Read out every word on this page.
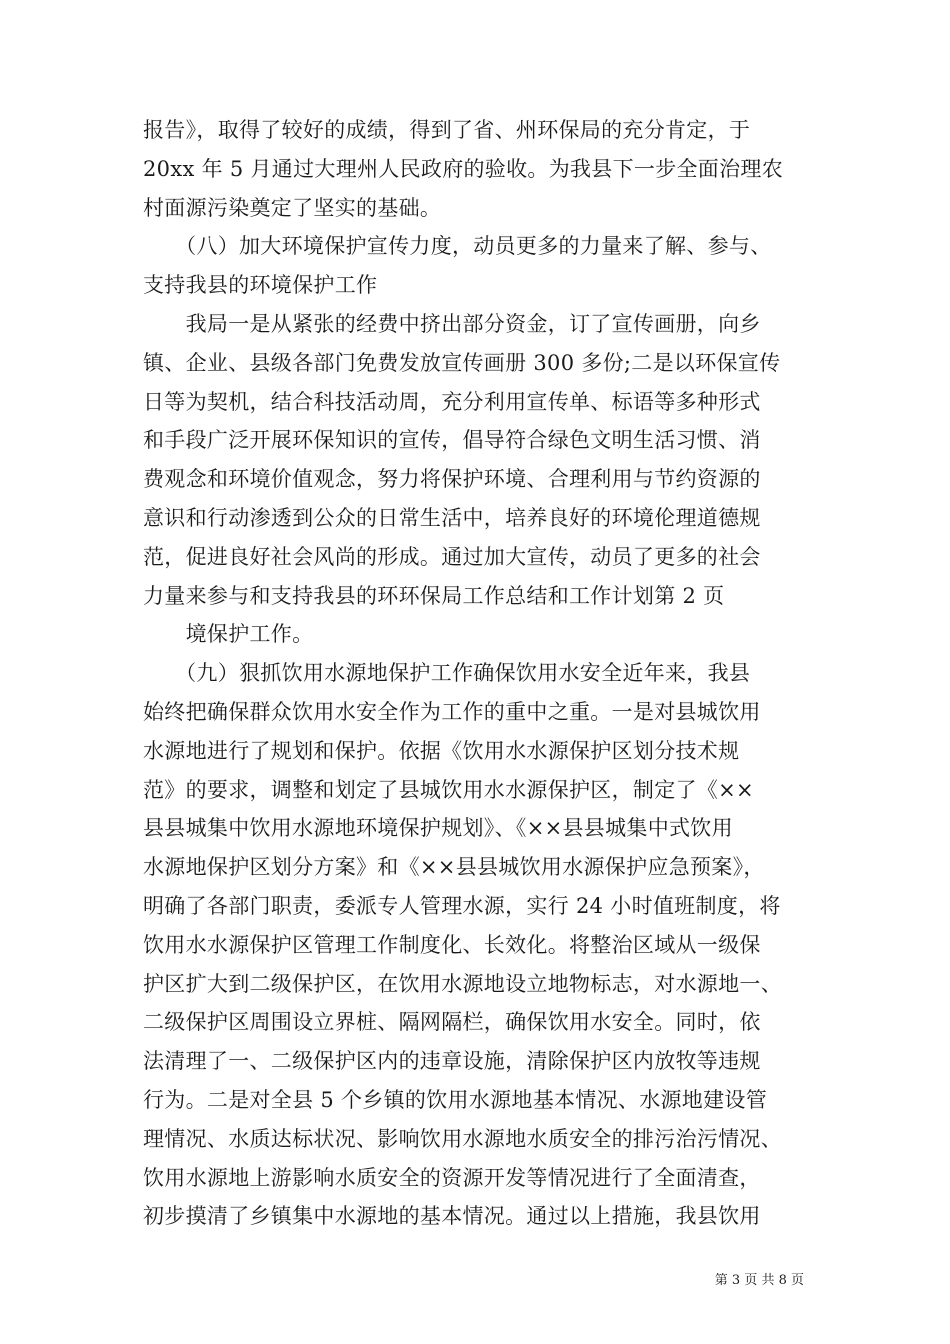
报告》，取得了较好的成绩，得到了省、州环保局的充分肯定，于
20xx 年 5 月通过大理州人民政府的验收。为我县下一步全面治理农
村面源污染奠定了坚实的基础。
　　（八）加大环境保护宣传力度，动员更多的力量来了解、参与、
支持我县的环境保护工作
　　我局一是从紧张的经费中挤出部分资金，订了宣传画册，向乡
镇、企业、县级各部门免费发放宣传画册 300 多份;二是以环保宣传
日等为契机，结合科技活动周，充分利用宣传单、标语等多种形式
和手段广泛开展环保知识的宣传，倡导符合绿色文明生活习惯、消
费观念和环境价值观念，努力将保护环境、合理利用与节约资源的
意识和行动渗透到公众的日常生活中，培养良好的环境伦理道德规
范，促进良好社会风尚的形成。通过加大宣传，动员了更多的社会
力量来参与和支持我县的环环保局工作总结和工作计划第 2 页
　　境保护工作。
　　（九）狠抓饮用水源地保护工作确保饮用水安全近年来，我县
始终把确保群众饮用水安全作为工作的重中之重。一是对县城饮用
水源地进行了规划和保护。依据《饮用水水源保护区划分技术规
范》的要求，调整和划定了县城饮用水水源保护区，制定了《××
县县城集中饮用水源地环境保护规划》、《××县县城集中式饮用
水源地保护区划分方案》和《××县县城饮用水源保护应急预案》，
明确了各部门职责，委派专人管理水源，实行 24 小时值班制度，将
饮用水水源保护区管理工作制度化、长效化。将整治区域从一级保
护区扩大到二级保护区，在饮用水源地设立地物标志，对水源地一、
二级保护区周围设立界桩、隔网隔栏，确保饮用水安全。同时，依
法清理了一、二级保护区内的违章设施，清除保护区内放牧等违规
行为。二是对全县 5 个乡镇的饮用水源地基本情况、水源地建设管
理情况、水质达标状况、影响饮用水源地水质安全的排污治污情况、
饮用水源地上游影响水质安全的资源开发等情况进行了全面清查，
初步摸清了乡镇集中水源地的基本情况。通过以上措施，我县饮用
第 3 页 共 8 页
